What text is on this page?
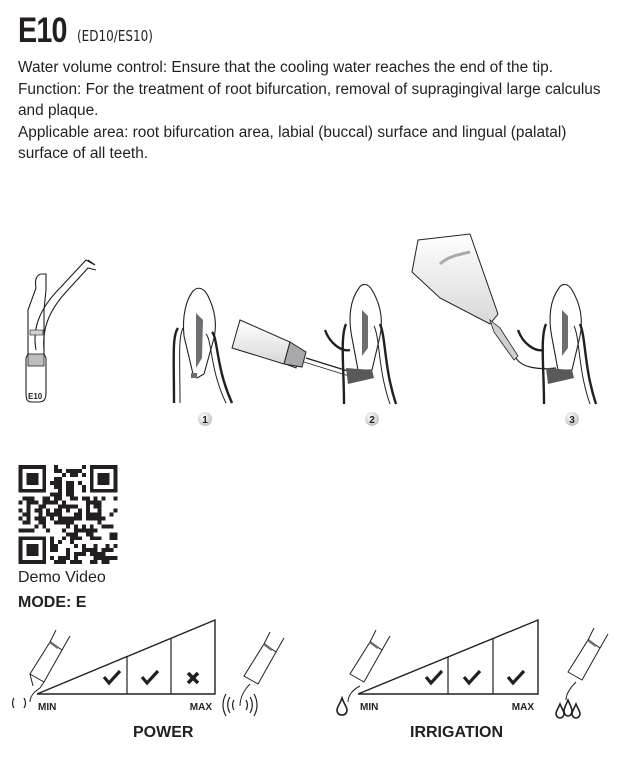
E10 (ED10/ES10)

Water volume control: Ensure that the cooling water reaches the end of the tip.

Function: For the treatment of root bifurcation, removal of supragingival large calculus and plaque.

Applicable area: root bifurcation area, labial (buccal) surface and lingual (palatal)

surface of all teeth.

E10
1	2	3
Demo Video
MODE: E
MIN	MAX
POWER
MIN	MAX
IRRIGATION
